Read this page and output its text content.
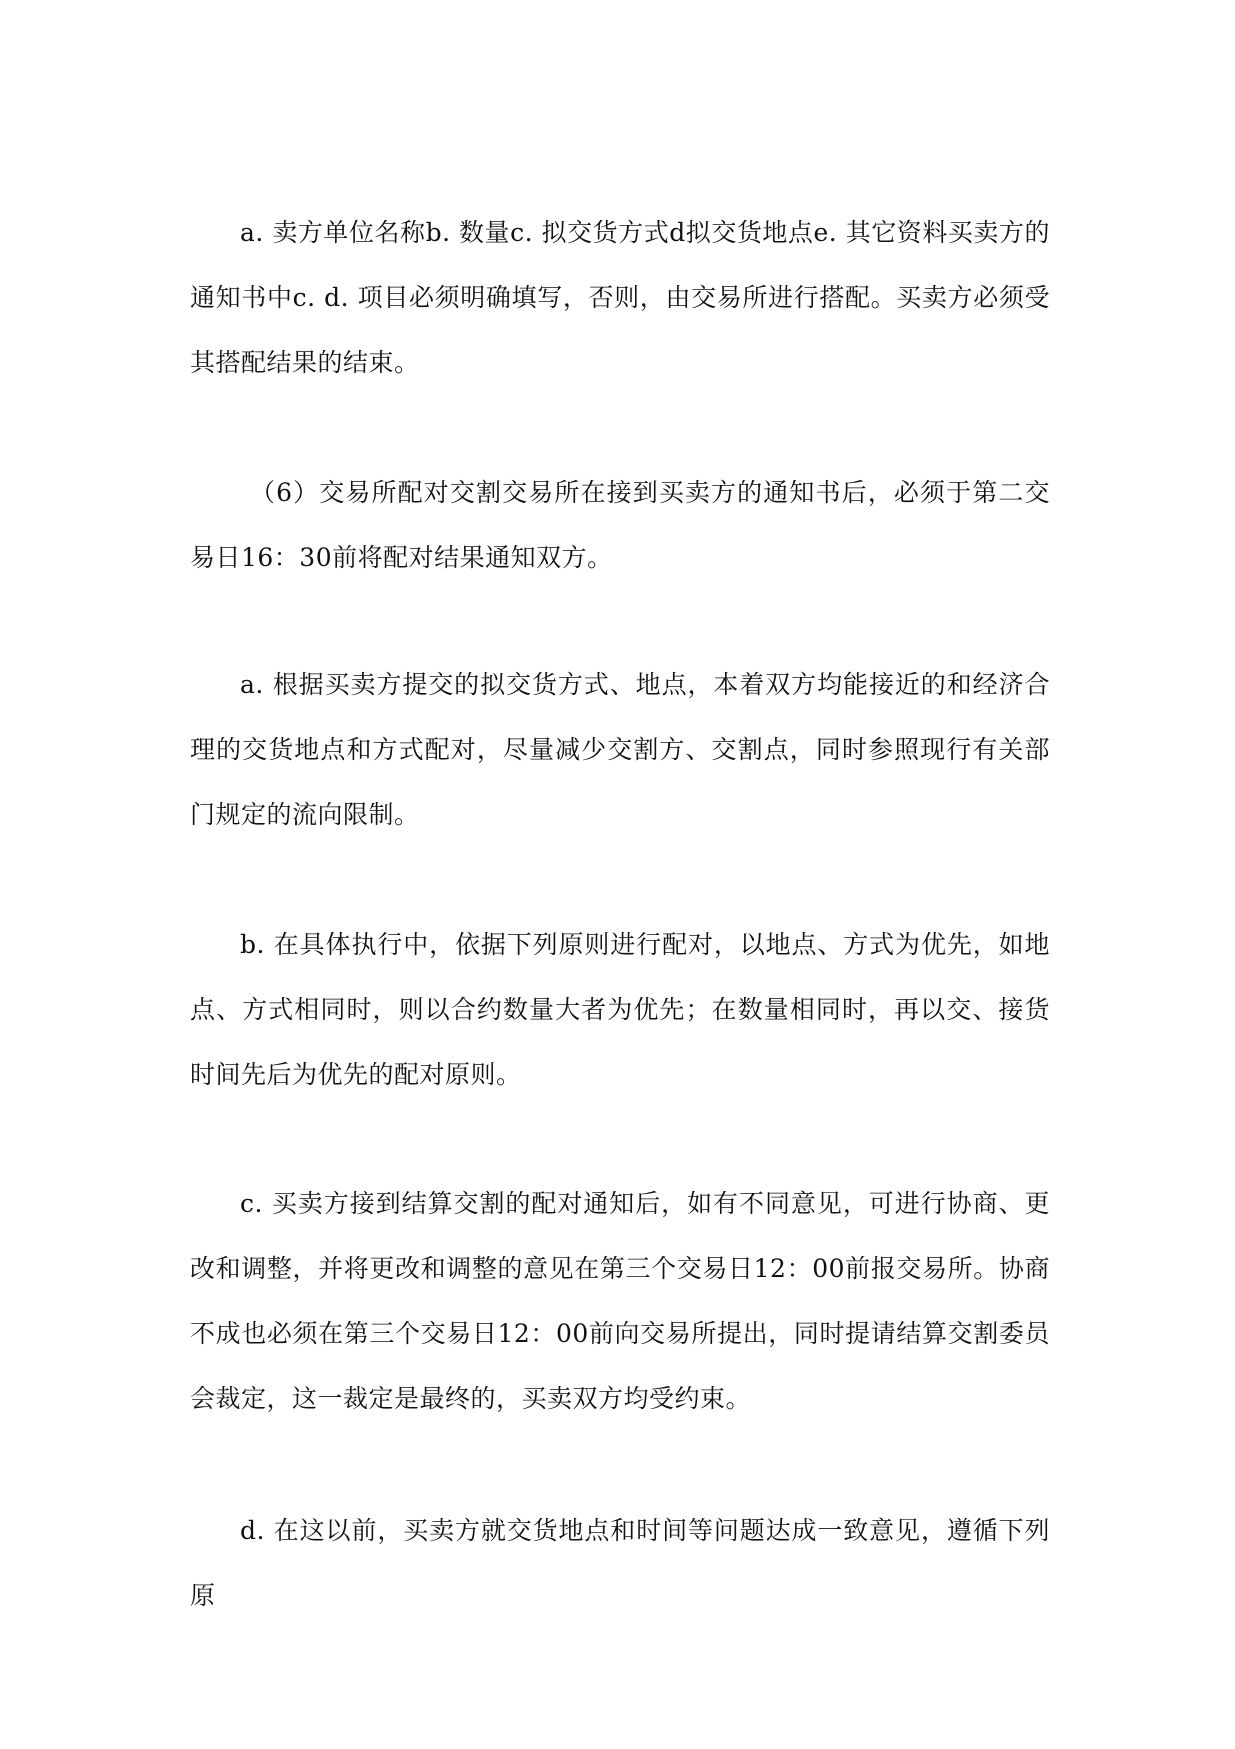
a. 卖方单位名称b. 数量c. 拟交货方式d拟交货地点e. 其它资料买卖方的通知书中c. d. 项目必须明确填写，否则，由交易所进行搭配。买卖方必须受其搭配结果的结束。

（6）交易所配对交割交易所在接到买卖方的通知书后，必须于第二交易日16：30前将配对结果通知双方。

a. 根据买卖方提交的拟交货方式、地点，本着双方均能接近的和经济合理的交货地点和方式配对，尽量减少交割方、交割点，同时参照现行有关部门规定的流向限制。

b. 在具体执行中，依据下列原则进行配对，以地点、方式为优先，如地点、方式相同时，则以合约数量大者为优先；在数量相同时，再以交、接货时间先后为优先的配对原则。

c. 买卖方接到结算交割的配对通知后，如有不同意见，可进行协商、更改和调整，并将更改和调整的意见在第三个交易日12：00前报交易所。协商不成也必须在第三个交易日12：00前向交易所提出，同时提请结算交割委员会裁定，这一裁定是最终的，买卖双方均受约束。

d. 在这以前，买卖方就交货地点和时间等问题达成一致意见，遵循下列原
